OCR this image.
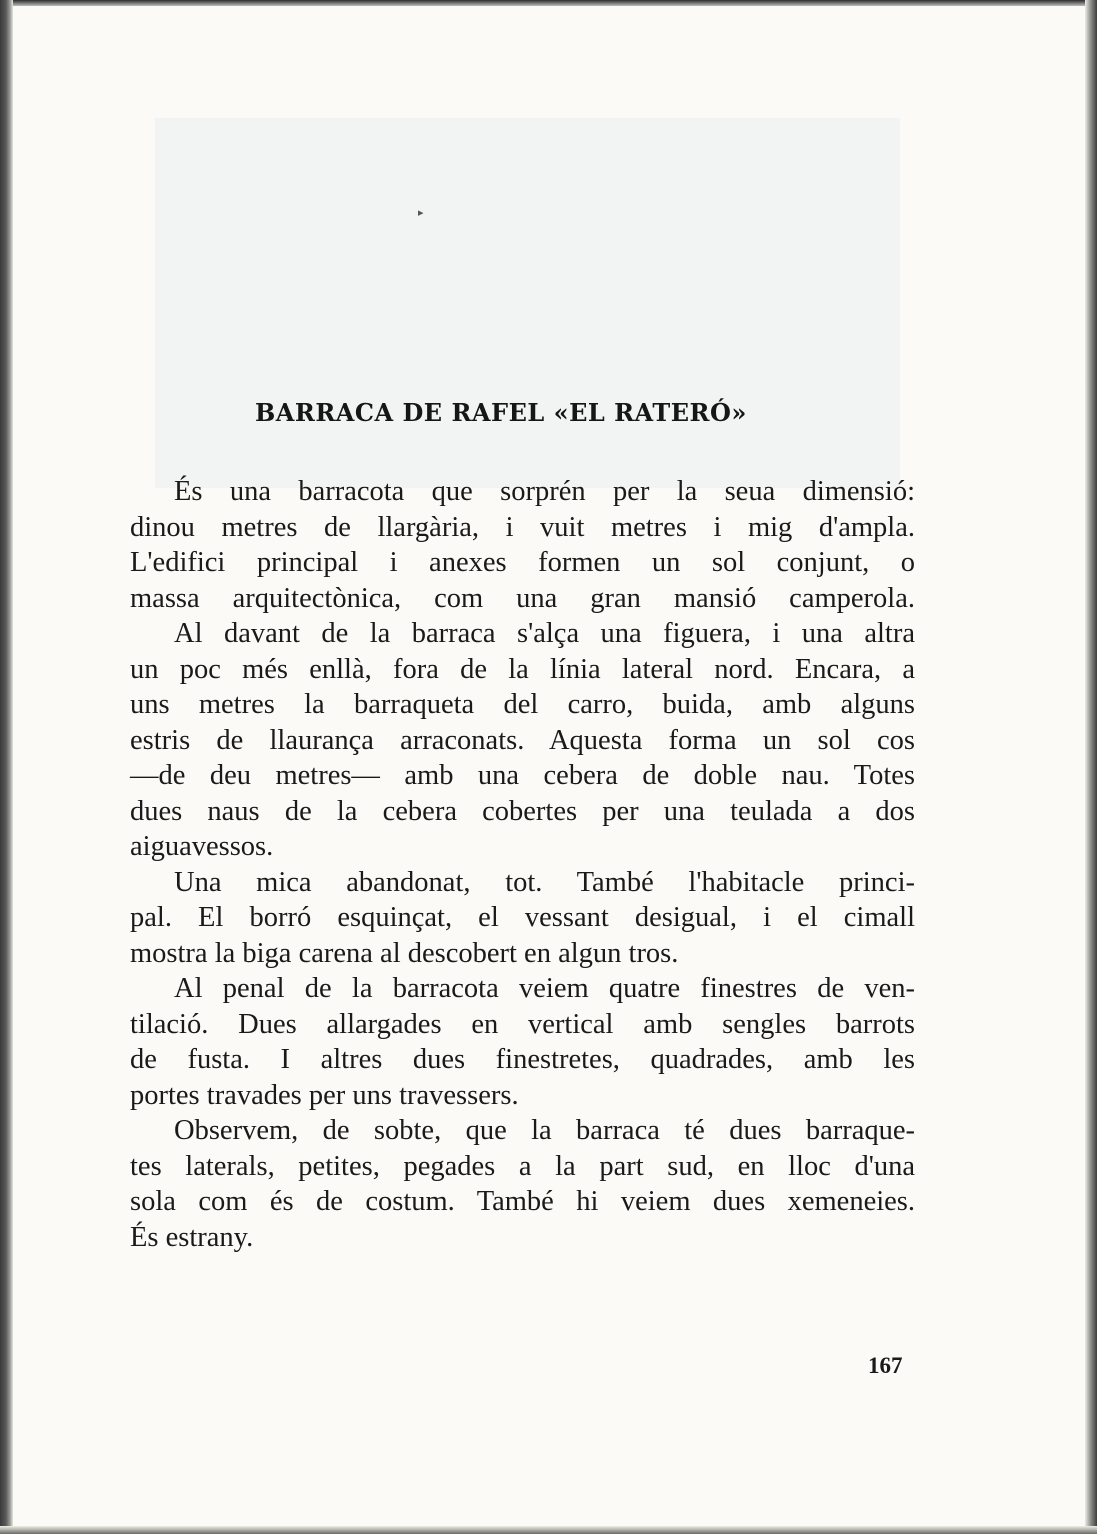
▸
BARRACA DE RAFEL «EL RATERÓ»
És una barracota que sorprén per la seua dimensió:
dinou metres de llargària, i vuit metres i mig d'ampla.
L'edifici principal i anexes formen un sol conjunt, o
massa arquitectònica, com una gran mansió camperola.
Al davant de la barraca s'alça una figuera, i una altra
un poc més enllà, fora de la línia lateral nord. Encara, a
uns metres la barraqueta del carro, buida, amb alguns
estris de llaurança arraconats. Aquesta forma un sol cos
—de deu metres— amb una cebera de doble nau. Totes
dues naus de la cebera cobertes per una teulada a dos
aiguavessos.
Una mica abandonat, tot. També l'habitacle princi-
pal. El borró esquinçat, el vessant desigual, i el cimall
mostra la biga carena al descobert en algun tros.
Al penal de la barracota veiem quatre finestres de ven-
tilació. Dues allargades en vertical amb sengles barrots
de fusta. I altres dues finestretes, quadrades, amb les
portes travades per uns travessers.
Observem, de sobte, que la barraca té dues barraque-
tes laterals, petites, pegades a la part sud, en lloc d'una
sola com és de costum. També hi veiem dues xemeneies.
És estrany.
167
